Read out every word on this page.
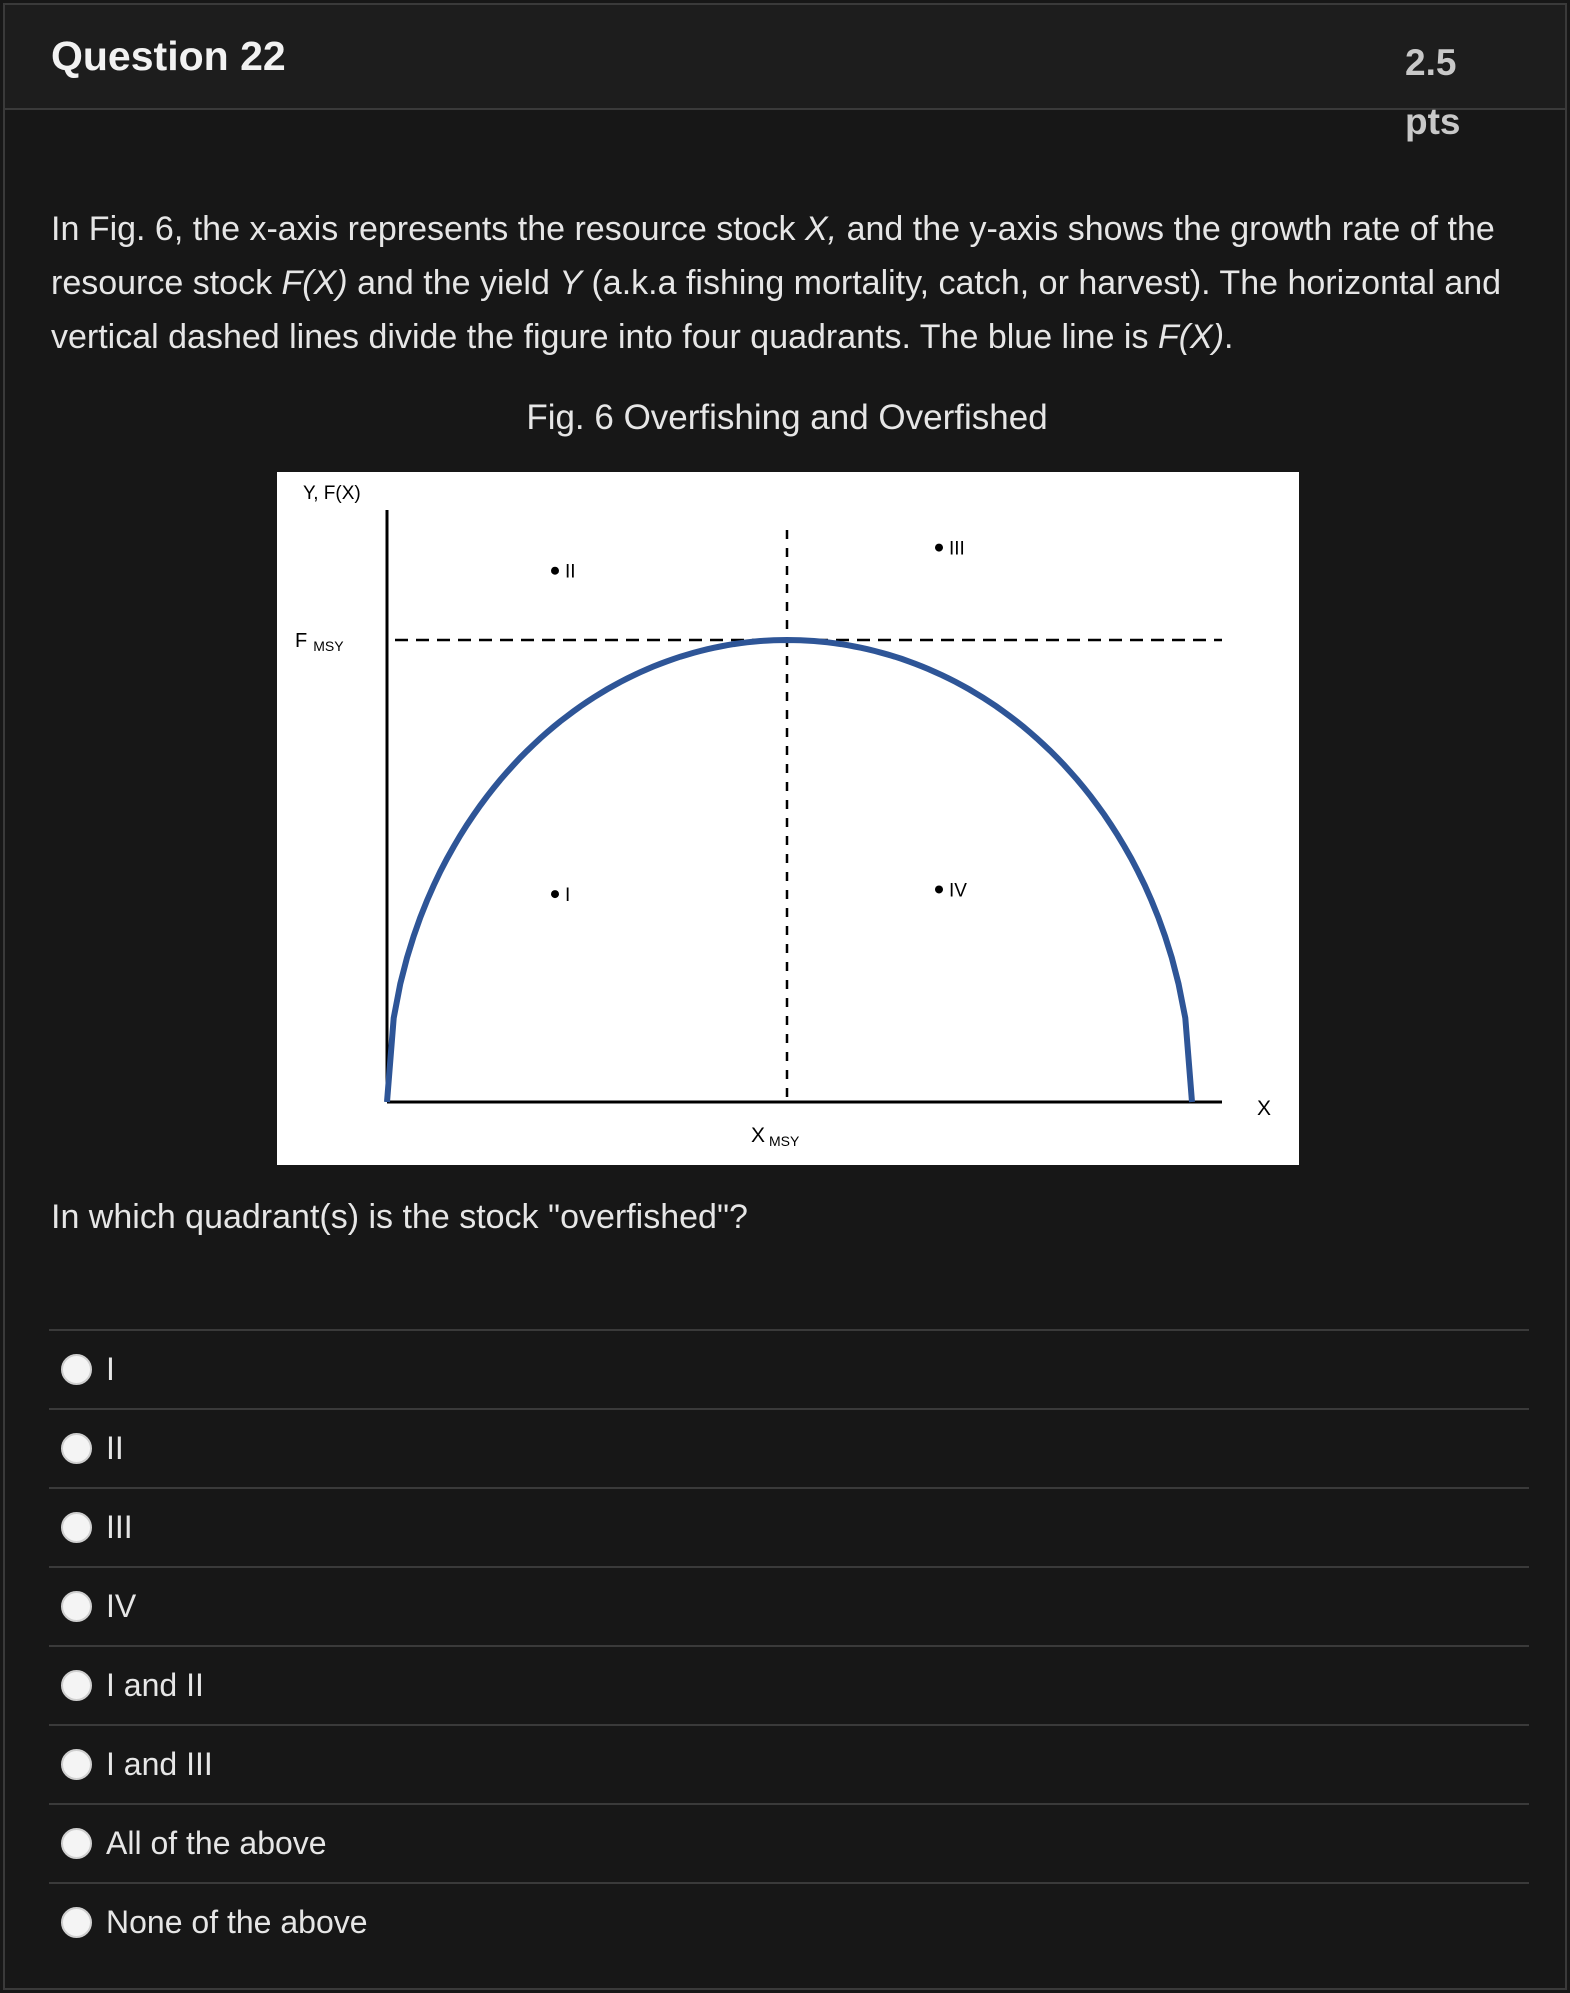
Question 22	2.5
pts
In Fig. 6, the x-axis represents the resource stock X, and the y-axis shows the growth rate of the resource stock F(X) and the yield Y (a.k.a fishing mortality, catch, or harvest). The horizontal and vertical dashed lines divide the figure into four quadrants. The blue line is F(X).
Fig. 6 Overfishing and Overfished
Y, F(X)
X
F $_{MSY}$
XMSY
I
II
III
IV
In which quadrant(s) is the stock "overfished"?
I
II
III
IV
I and II
I and III
All of the above
None of the above
